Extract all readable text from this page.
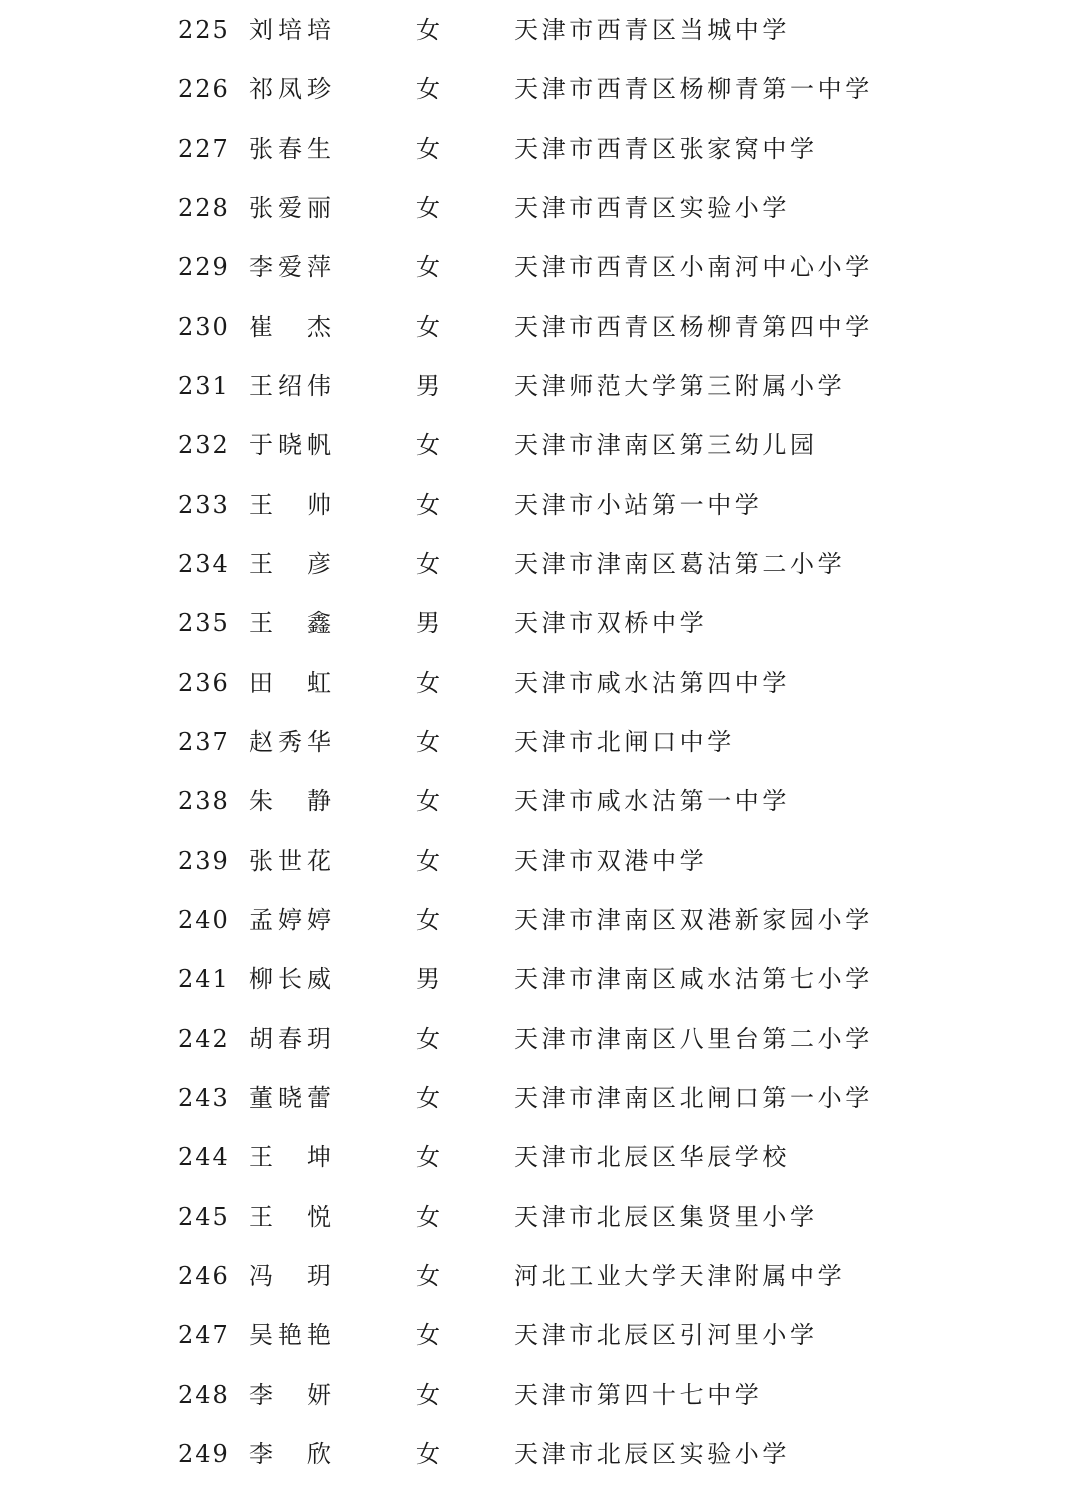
225 刘培培	女	天津市西青区当城中学
226 祁凤珍	女	天津市西青区杨柳青第一中学
227 张春生	女	天津市西青区张家窝中学
228 张爱丽	女	天津市西青区实验小学
229 李爱萍	女	天津市西青区小南河中心小学
230 崔　杰	女	天津市西青区杨柳青第四中学
231 王绍伟	男	天津师范大学第三附属小学
232 于晓帆	女	天津市津南区第三幼儿园
233 王　帅	女	天津市小站第一中学
234 王　彦	女	天津市津南区葛沽第二小学
235 王　鑫	男	天津市双桥中学
236 田　虹	女	天津市咸水沽第四中学
237 赵秀华	女	天津市北闸口中学
238 朱　静	女	天津市咸水沽第一中学
239 张世花	女	天津市双港中学
240 孟婷婷	女	天津市津南区双港新家园小学
241 柳长威	男	天津市津南区咸水沽第七小学
242 胡春玥	女	天津市津南区八里台第二小学
243 董晓蕾	女	天津市津南区北闸口第一小学
244 王　坤	女	天津市北辰区华辰学校
245 王　悦	女	天津市北辰区集贤里小学
246 冯　玥	女	河北工业大学天津附属中学
247 吴艳艳	女	天津市北辰区引河里小学
248 李　妍	女	天津市第四十七中学
249 李　欣	女	天津市北辰区实验小学
